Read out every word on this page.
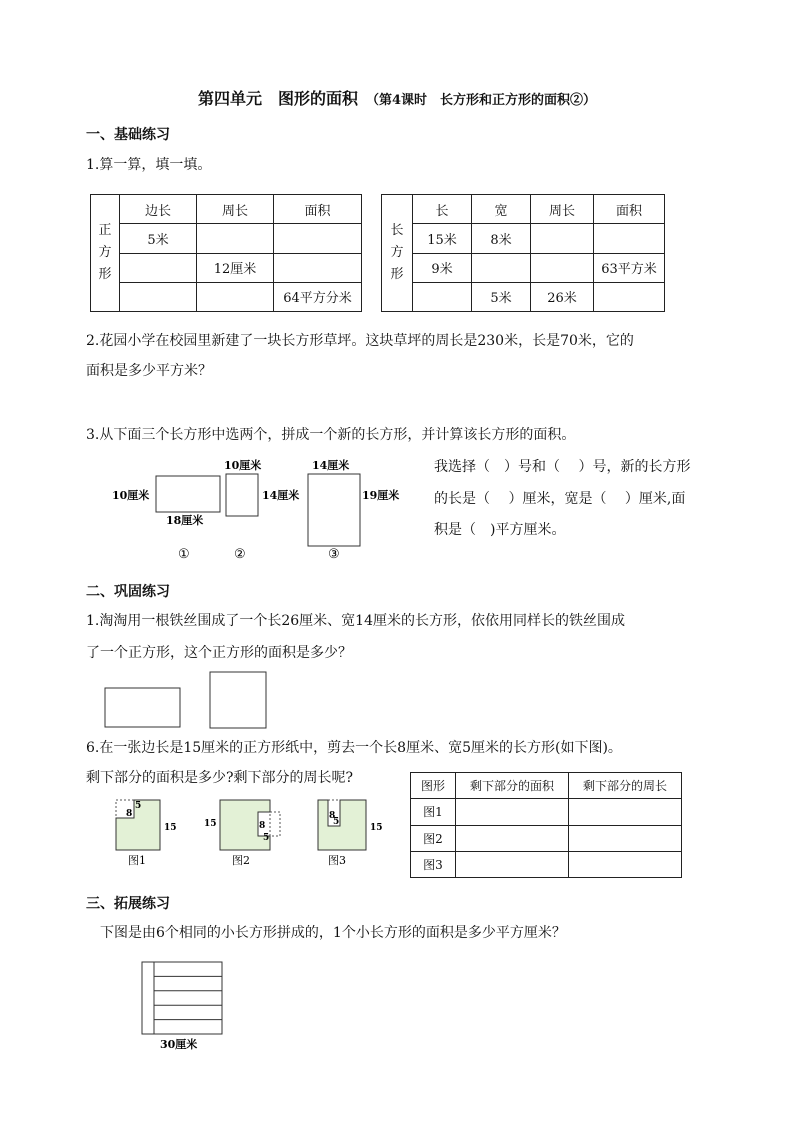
第四单元　图形的面积 （第4课时　长方形和正方形的面积②）
一、基础练习
1.算一算，填一填。
正方形	边长	周长	面积
	5米		
		12厘米	
			64平方分米
长方形	长	宽	周长	面积
	15米	8米		
	9米			63平方米
		5米	26米	
2.花园小学在校园里新建了一块长方形草坪。这块草坪的周长是230米，长是70米，它的
面积是多少平方米？
3.从下面三个长方形中选两个，拼成一个新的长方形，并计算该长方形的面积。
10厘米
18厘米
10厘米
14厘米
14厘米
19厘米
①	②	③
我选择（　）号和（　 ）号，新的长方形
的长是（　 ）厘米，宽是（　 ）厘米,面
积是（　)平方厘米。
二、巩固练习
1.淘淘用一根铁丝围成了一个长26厘米、宽14厘米的长方形，依依用同样长的铁丝围成
了一个正方形，这个正方形的面积是多少？
6.在一张边长是15厘米的正方形纸中，剪去一个长8厘米、宽5厘米的长方形(如下图)。
剩下部分的面积是多少?剩下部分的周长呢?
8
5
15
图1
8
5
15
图2
8
5
15
图3
图形	剩下部分的面积	剩下部分的周长
图1		
图2		
图3		
三、拓展练习
下图是由6个相同的小长方形拼成的，1个小长方形的面积是多少平方厘米？
30厘米
